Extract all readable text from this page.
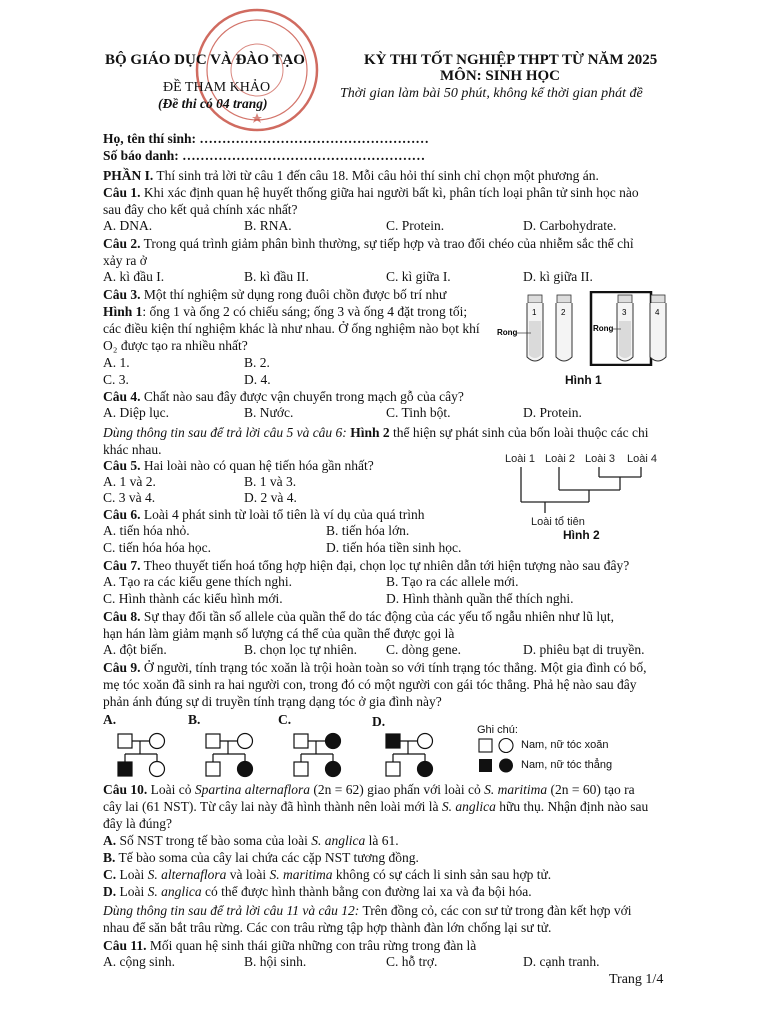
BỘ GIÁO DỤC VÀ ĐÀO TẠO
ĐỀ THAM KHẢO
(Đề thi có 04 trang)
KỲ THI TỐT NGHIỆP THPT TỪ NĂM 2025
MÔN: SINH HỌC
Thời gian làm bài 50 phút, không kể thời gian phát đề
Họ, tên thí sinh: ……………………………………………
Số báo danh: ………………………………………………
PHẦN I. Thí sinh trả lời từ câu 1 đến câu 18. Mỗi câu hỏi thí sinh chỉ chọn một phương án.
Câu 1. Khi xác định quan hệ huyết thống giữa hai người bất kì, phân tích loại phân tử sinh học nào
sau đây cho kết quả chính xác nhất?
A. DNA.	B. RNA.	C. Protein.	D. Carbohydrate.
Câu 2. Trong quá trình giảm phân bình thường, sự tiếp hợp và trao đổi chéo của nhiễm sắc thể chỉ
xảy ra ở
A. kì đầu I.	B. kì đầu II.	C. kì giữa I.	D. kì giữa II.
Câu 3. Một thí nghiệm sử dụng rong đuôi chồn được bố trí như
Hình 1: ống 1 và ống 2 có chiếu sáng; ống 3 và ống 4 đặt trong tối;
các điều kiện thí nghiệm khác là như nhau. Ở ống nghiệm nào bọt khí
O₂ được tạo ra nhiều nhất?
A. 1.	B. 2.
C. 3.	D. 4.
1	2	3	4
Rong	Rong
Hình 1
Câu 4. Chất nào sau đây được vận chuyển trong mạch gỗ của cây?
A. Diệp lục.	B. Nước.	C. Tinh bột.	D. Protein.
Dùng thông tin sau để trả lời câu 5 và câu 6: Hình 2 thể hiện sự phát sinh của bốn loài thuộc các chi
khác nhau.
Câu 5. Hai loài nào có quan hệ tiến hóa gần nhất?
A. 1 và 2.	B. 1 và 3.
C. 3 và 4.	D. 2 và 4.
Loài 1 Loài 2 Loài 3 Loài 4
Loài tổ tiên
Hình 2
Câu 6. Loài 4 phát sinh từ loài tổ tiên là ví dụ của quá trình
A. tiến hóa nhỏ.	B. tiến hóa lớn.
C. tiến hóa hóa học.	D. tiến hóa tiền sinh học.
Câu 7. Theo thuyết tiến hoá tổng hợp hiện đại, chọn lọc tự nhiên dẫn tới hiện tượng nào sau đây?
A. Tạo ra các kiểu gene thích nghi.	B. Tạo ra các allele mới.
C. Hình thành các kiểu hình mới.	D. Hình thành quần thể thích nghi.
Câu 8. Sự thay đổi tần số allele của quần thể do tác động của các yếu tố ngẫu nhiên như lũ lụt,
hạn hán làm giảm mạnh số lượng cá thể của quần thể được gọi là
A. đột biến.	B. chọn lọc tự nhiên. C. dòng gene.	D. phiêu bạt di truyền.
Câu 9. Ở người, tính trạng tóc xoăn là trội hoàn toàn so với tính trạng tóc thẳng. Một gia đình có bố,
mẹ tóc xoăn đã sinh ra hai người con, trong đó có một người con gái tóc thẳng. Phả hệ nào sau đây
phản ánh đúng sự di truyền tính trạng dạng tóc ở gia đình này?
A.	B.	C.	D.
Ghi chú:
Nam, nữ tóc xoăn
Nam, nữ tóc thẳng
Câu 10. Loài cỏ Spartina alternaflora (2n = 62) giao phấn với loài cỏ S. maritima (2n = 60) tạo ra
cây lai (61 NST). Từ cây lai này đã hình thành nên loài mới là S. anglica hữu thụ. Nhận định nào sau
đây là đúng?
A. Số NST trong tế bào soma của loài S. anglica là 61.
B. Tế bào soma của cây lai chứa các cặp NST tương đồng.
C. Loài S. alternaflora và loài S. maritima không có sự cách li sinh sản sau hợp tử.
D. Loài S. anglica có thể được hình thành bằng con đường lai xa và đa bội hóa.
Dùng thông tin sau để trả lời câu 11 và câu 12: Trên đồng cỏ, các con sư tử trong đàn kết hợp với
nhau để săn bắt trâu rừng. Các con trâu rừng tập hợp thành đàn lớn chống lại sư tử.
Câu 11. Mối quan hệ sinh thái giữa những con trâu rừng trong đàn là
A. cộng sinh.	B. hội sinh.	C. hỗ trợ.	D. cạnh tranh.
Trang 1/4
